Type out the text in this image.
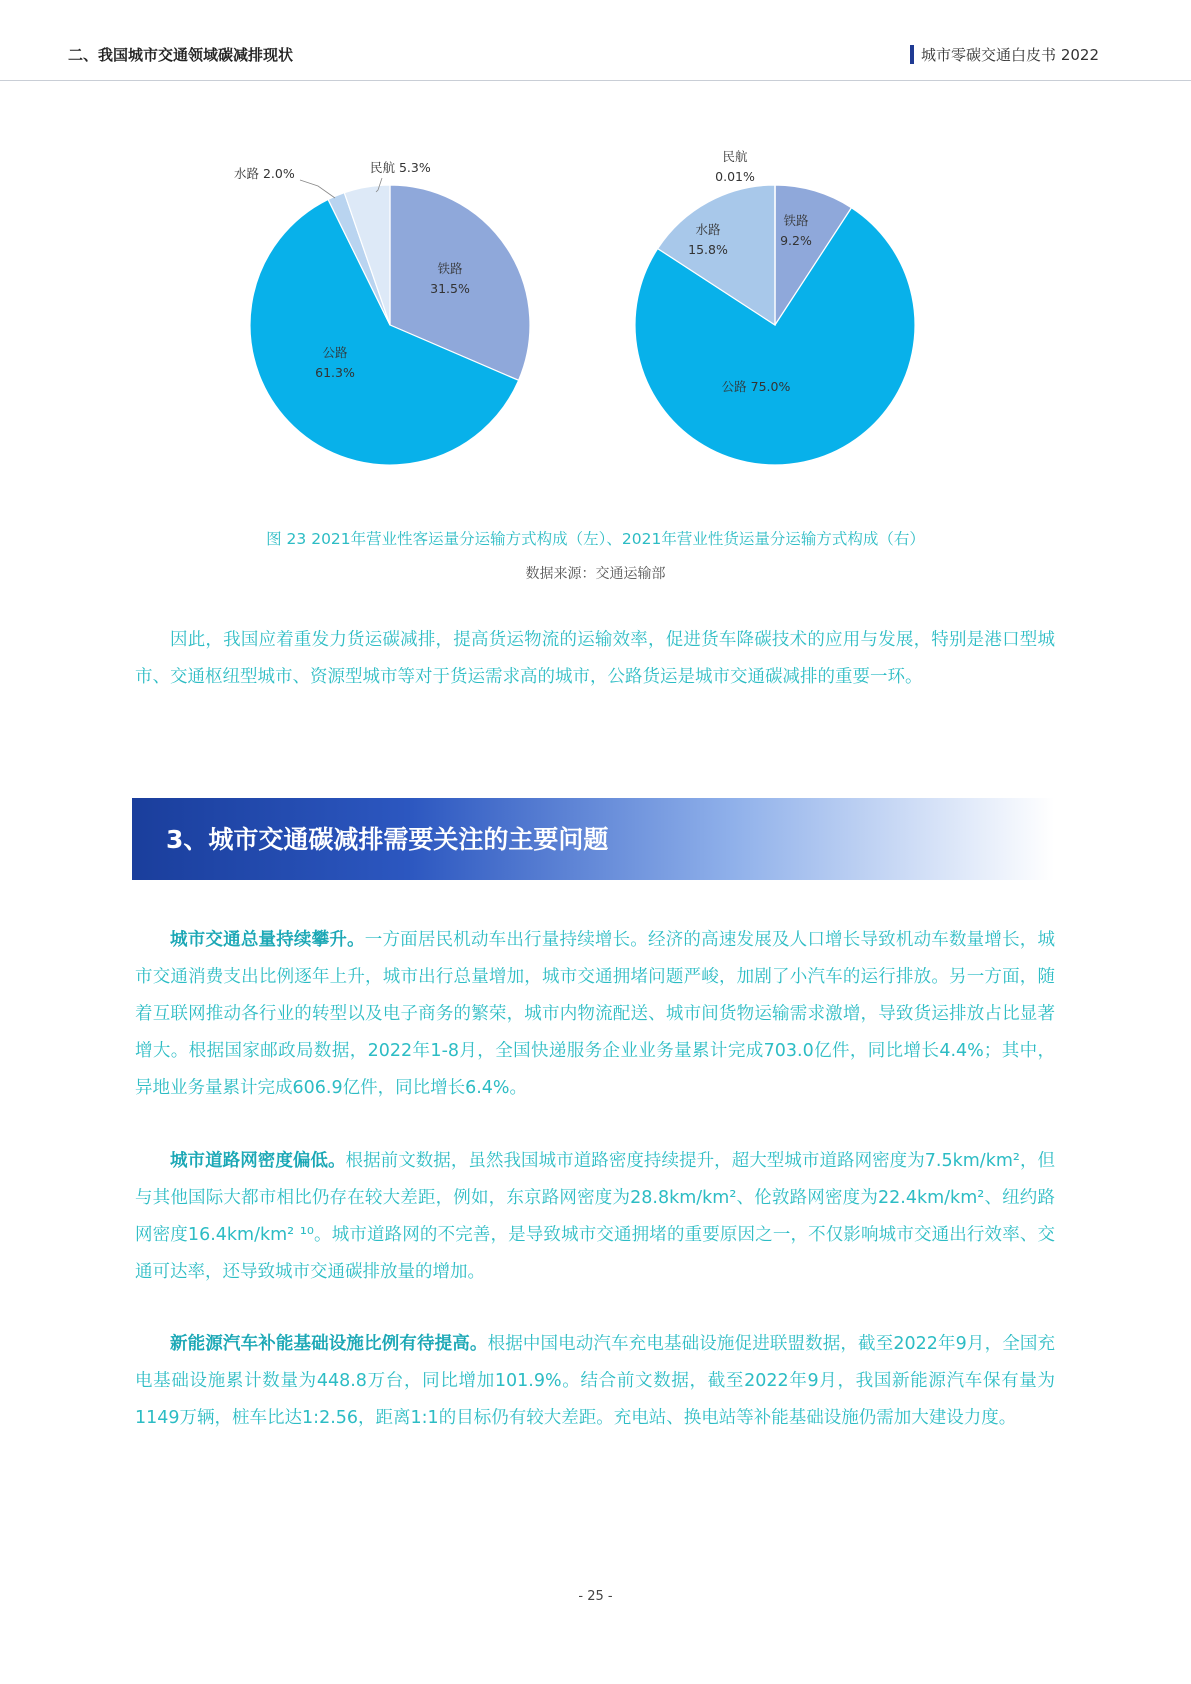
二、我国城市交通领域碳减排现状	城市零碳交通白皮书 2022
铁路
31.5%
公路
61.3%
水路 2.0%	民航 5.3%
铁路
9.2%
公路 75.0%
水路
15.8%
民航
0.01%
图 23 2021年营业性客运量分运输方式构成（左）、2021年营业性货运量分运输方式构成（右）
数据来源：交通运输部

因此，我国应着重发力货运碳减排，提高货运物流的运输效率，促进货车降碳技术的应用与发展，特别是港口型城市、交通枢纽型城市、资源型城市等对于货运需求高的城市，公路货运是城市交通碳减排的重要一环。

3、城市交通碳减排需要关注的主要问题

城市交通总量持续攀升。一方面居民机动车出行量持续增长。经济的高速发展及人口增长导致机动车数量增长，城市交通消费支出比例逐年上升，城市出行总量增加，城市交通拥堵问题严峻，加剧了小汽车的运行排放。另一方面，随着互联网推动各行业的转型以及电子商务的繁荣，城市内物流配送、城市间货物运输需求激增，导致货运排放占比显著增大。根据国家邮政局数据，2022年1-8月，全国快递服务企业业务量累计完成703.0亿件，同比增长4.4%；其中，异地业务量累计完成606.9亿件，同比增长6.4%。

城市道路网密度偏低。根据前文数据，虽然我国城市道路密度持续提升，超大型城市道路网密度为7.5km/km²，但与其他国际大都市相比仍存在较大差距，例如，东京路网密度为28.8km/km²、伦敦路网密度为22.4km/km²、纽约路网密度16.4km/km² ¹⁰。城市道路网的不完善，是导致城市交通拥堵的重要原因之一，不仅影响城市交通出行效率、交通可达率，还导致城市交通碳排放量的增加。

新能源汽车补能基础设施比例有待提高。根据中国电动汽车充电基础设施促进联盟数据，截至2022年9月，全国充电基础设施累计数量为448.8万台，同比增加101.9%。结合前文数据，截至2022年9月，我国新能源汽车保有量为1149万辆，桩车比达1:2.56，距离1:1的目标仍有较大差距。充电站、换电站等补能基础设施仍需加大建设力度。

- 25 -
